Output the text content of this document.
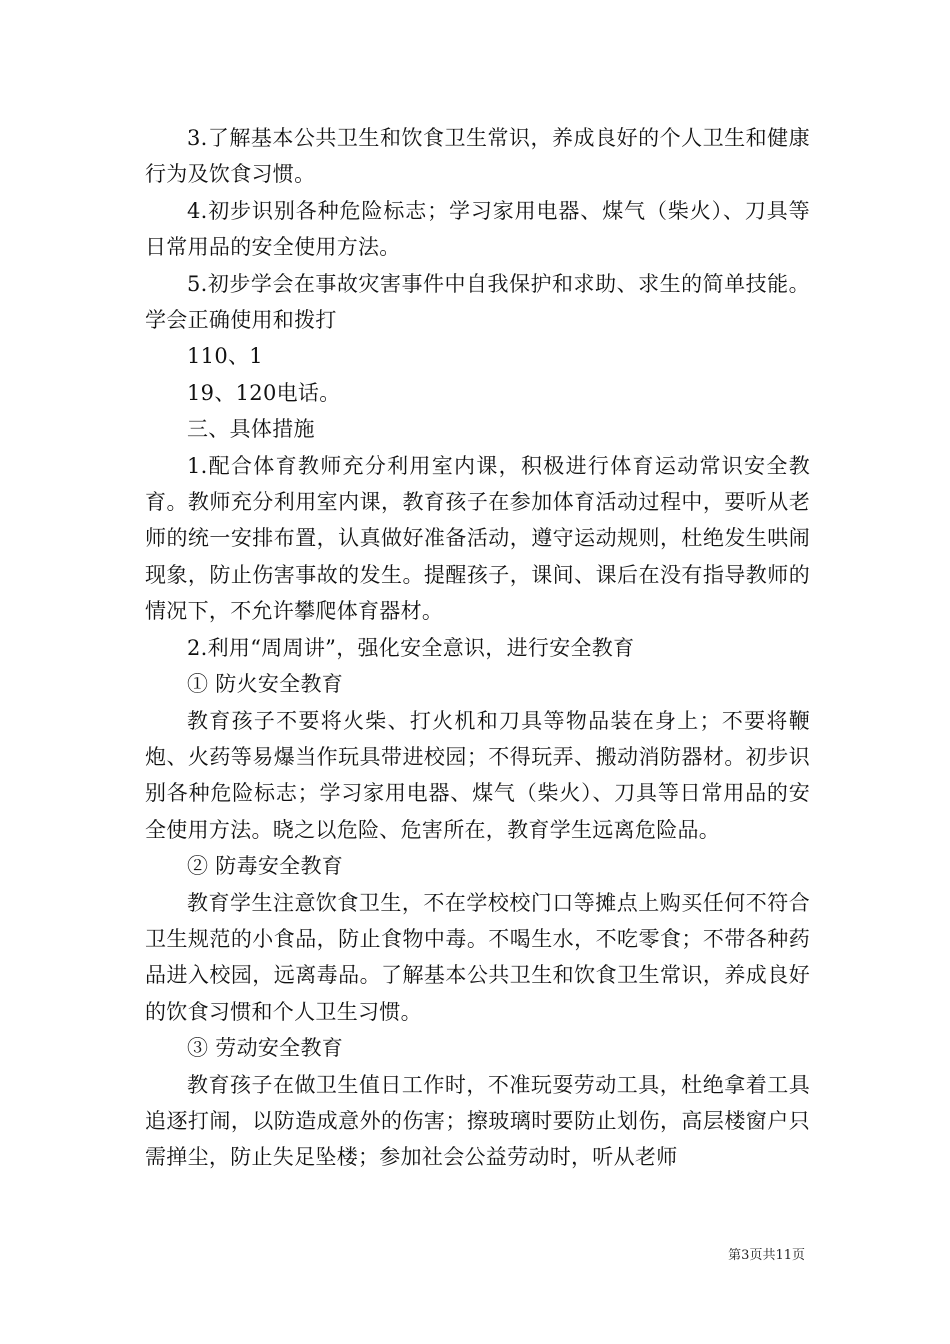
3.了解基本公共卫生和饮食卫生常识，养成良好的个人卫生和健康行为及饮食习惯。

4.初步识别各种危险标志；学习家用电器、煤气（柴火）、刀具等日常用品的安全使用方法。

5.初步学会在事故灾害事件中自我保护和求助、求生的简单技能。学会正确使用和拨打

110、1

19、120电话。

三、具体措施

1.配合体育教师充分利用室内课，积极进行体育运动常识安全教育。教师充分利用室内课，教育孩子在参加体育活动过程中，要听从老师的统一安排布置，认真做好准备活动，遵守运动规则，杜绝发生哄闹现象，防止伤害事故的发生。提醒孩子，课间、课后在没有指导教师的情况下，不允许攀爬体育器材。

2.利用“周周讲”，强化安全意识，进行安全教育

① 防火安全教育

教育孩子不要将火柴、打火机和刀具等物品装在身上；不要将鞭炮、火药等易爆当作玩具带进校园；不得玩弄、搬动消防器材。初步识别各种危险标志；学习家用电器、煤气（柴火）、刀具等日常用品的安全使用方法。晓之以危险、危害所在，教育学生远离危险品。

② 防毒安全教育

教育学生注意饮食卫生，不在学校校门口等摊点上购买任何不符合卫生规范的小食品，防止食物中毒。不喝生水，不吃零食；不带各种药品进入校园，远离毒品。了解基本公共卫生和饮食卫生常识，养成良好的饮食习惯和个人卫生习惯。

③ 劳动安全教育

教育孩子在做卫生值日工作时，不准玩耍劳动工具，杜绝拿着工具追逐打闹，以防造成意外的伤害；擦玻璃时要防止划伤，高层楼窗户只需掸尘，防止失足坠楼；参加社会公益劳动时，听从老师

第3页共11页
